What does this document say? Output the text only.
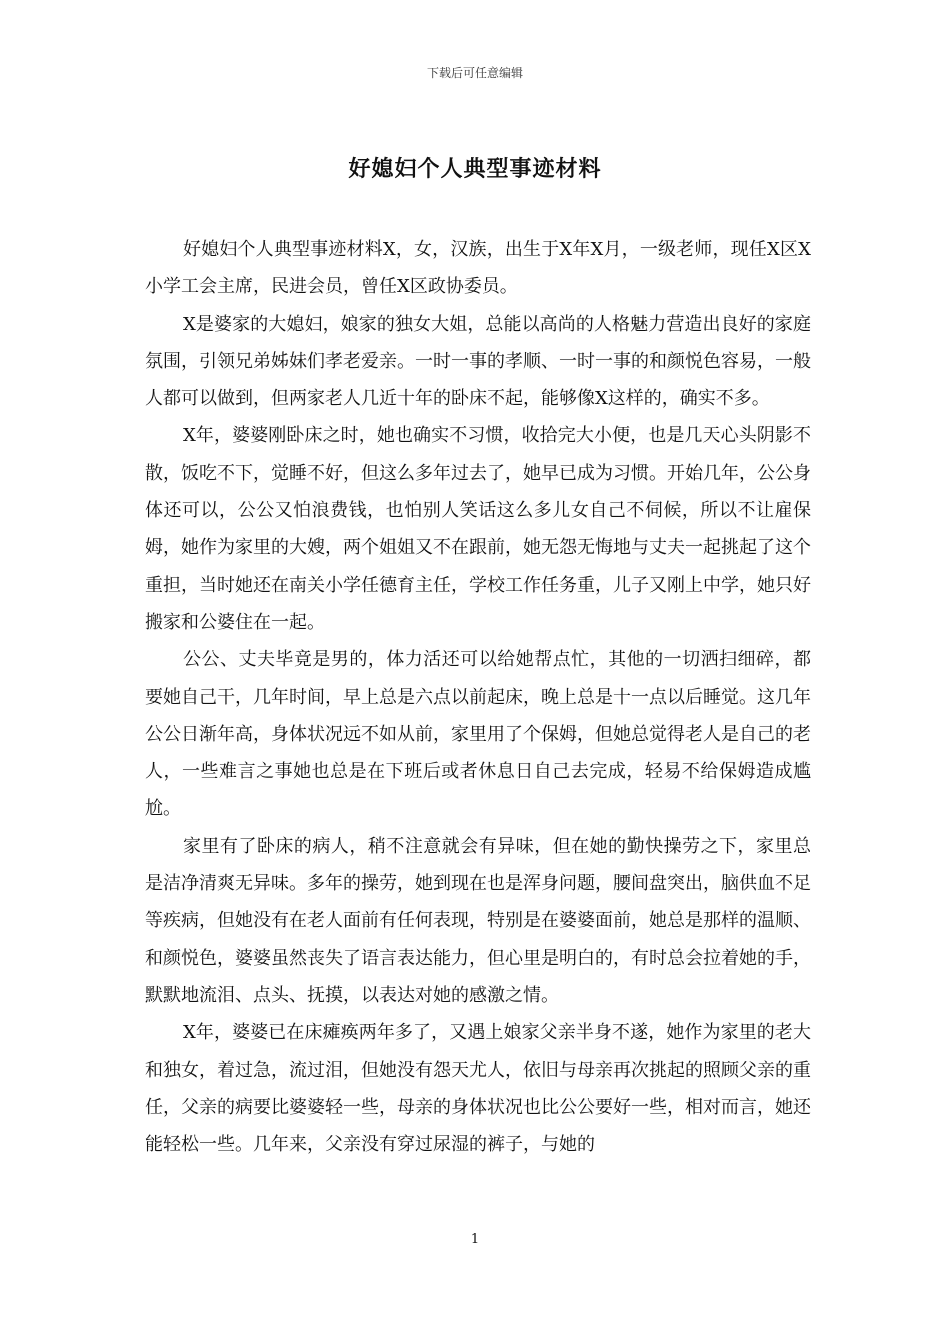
下载后可任意编辑
好媳妇个人典型事迹材料

好媳妇个人典型事迹材料X，女，汉族，出生于X年X月，一级老师，现任X区X小学工会主席，民进会员，曾任X区政协委员。

X是婆家的大媳妇，娘家的独女大姐，总能以高尚的人格魅力营造出良好的家庭氛围，引领兄弟姊妹们孝老爱亲。一时一事的孝顺、一时一事的和颜悦色容易，一般人都可以做到，但两家老人几近十年的卧床不起，能够像X这样的，确实不多。

X年，婆婆刚卧床之时，她也确实不习惯，收拾完大小便，也是几天心头阴影不散，饭吃不下，觉睡不好，但这么多年过去了，她早已成为习惯。开始几年，公公身体还可以，公公又怕浪费钱，也怕别人笑话这么多儿女自己不伺候，所以不让雇保姆，她作为家里的大嫂，两个姐姐又不在跟前，她无怨无悔地与丈夫一起挑起了这个重担，当时她还在南关小学任德育主任，学校工作任务重，儿子又刚上中学，她只好搬家和公婆住在一起。

公公、丈夫毕竟是男的，体力活还可以给她帮点忙，其他的一切洒扫细碎，都要她自己干，几年时间，早上总是六点以前起床，晚上总是十一点以后睡觉。这几年公公日渐年高，身体状况远不如从前，家里用了个保姆，但她总觉得老人是自己的老人，一些难言之事她也总是在下班后或者休息日自己去完成，轻易不给保姆造成尴尬。

家里有了卧床的病人，稍不注意就会有异味，但在她的勤快操劳之下，家里总是洁净清爽无异味。多年的操劳，她到现在也是浑身问题，腰间盘突出，脑供血不足等疾病，但她没有在老人面前有任何表现，特别是在婆婆面前，她总是那样的温顺、和颜悦色，婆婆虽然丧失了语言表达能力，但心里是明白的，有时总会拉着她的手，默默地流泪、点头、抚摸，以表达对她的感激之情。

X年，婆婆已在床瘫痪两年多了，又遇上娘家父亲半身不遂，她作为家里的老大和独女，着过急，流过泪，但她没有怨天尤人，依旧与母亲再次挑起的照顾父亲的重任，父亲的病要比婆婆轻一些，母亲的身体状况也比公公要好一些，相对而言，她还能轻松一些。几年来，父亲没有穿过尿湿的裤子，与她的

1
